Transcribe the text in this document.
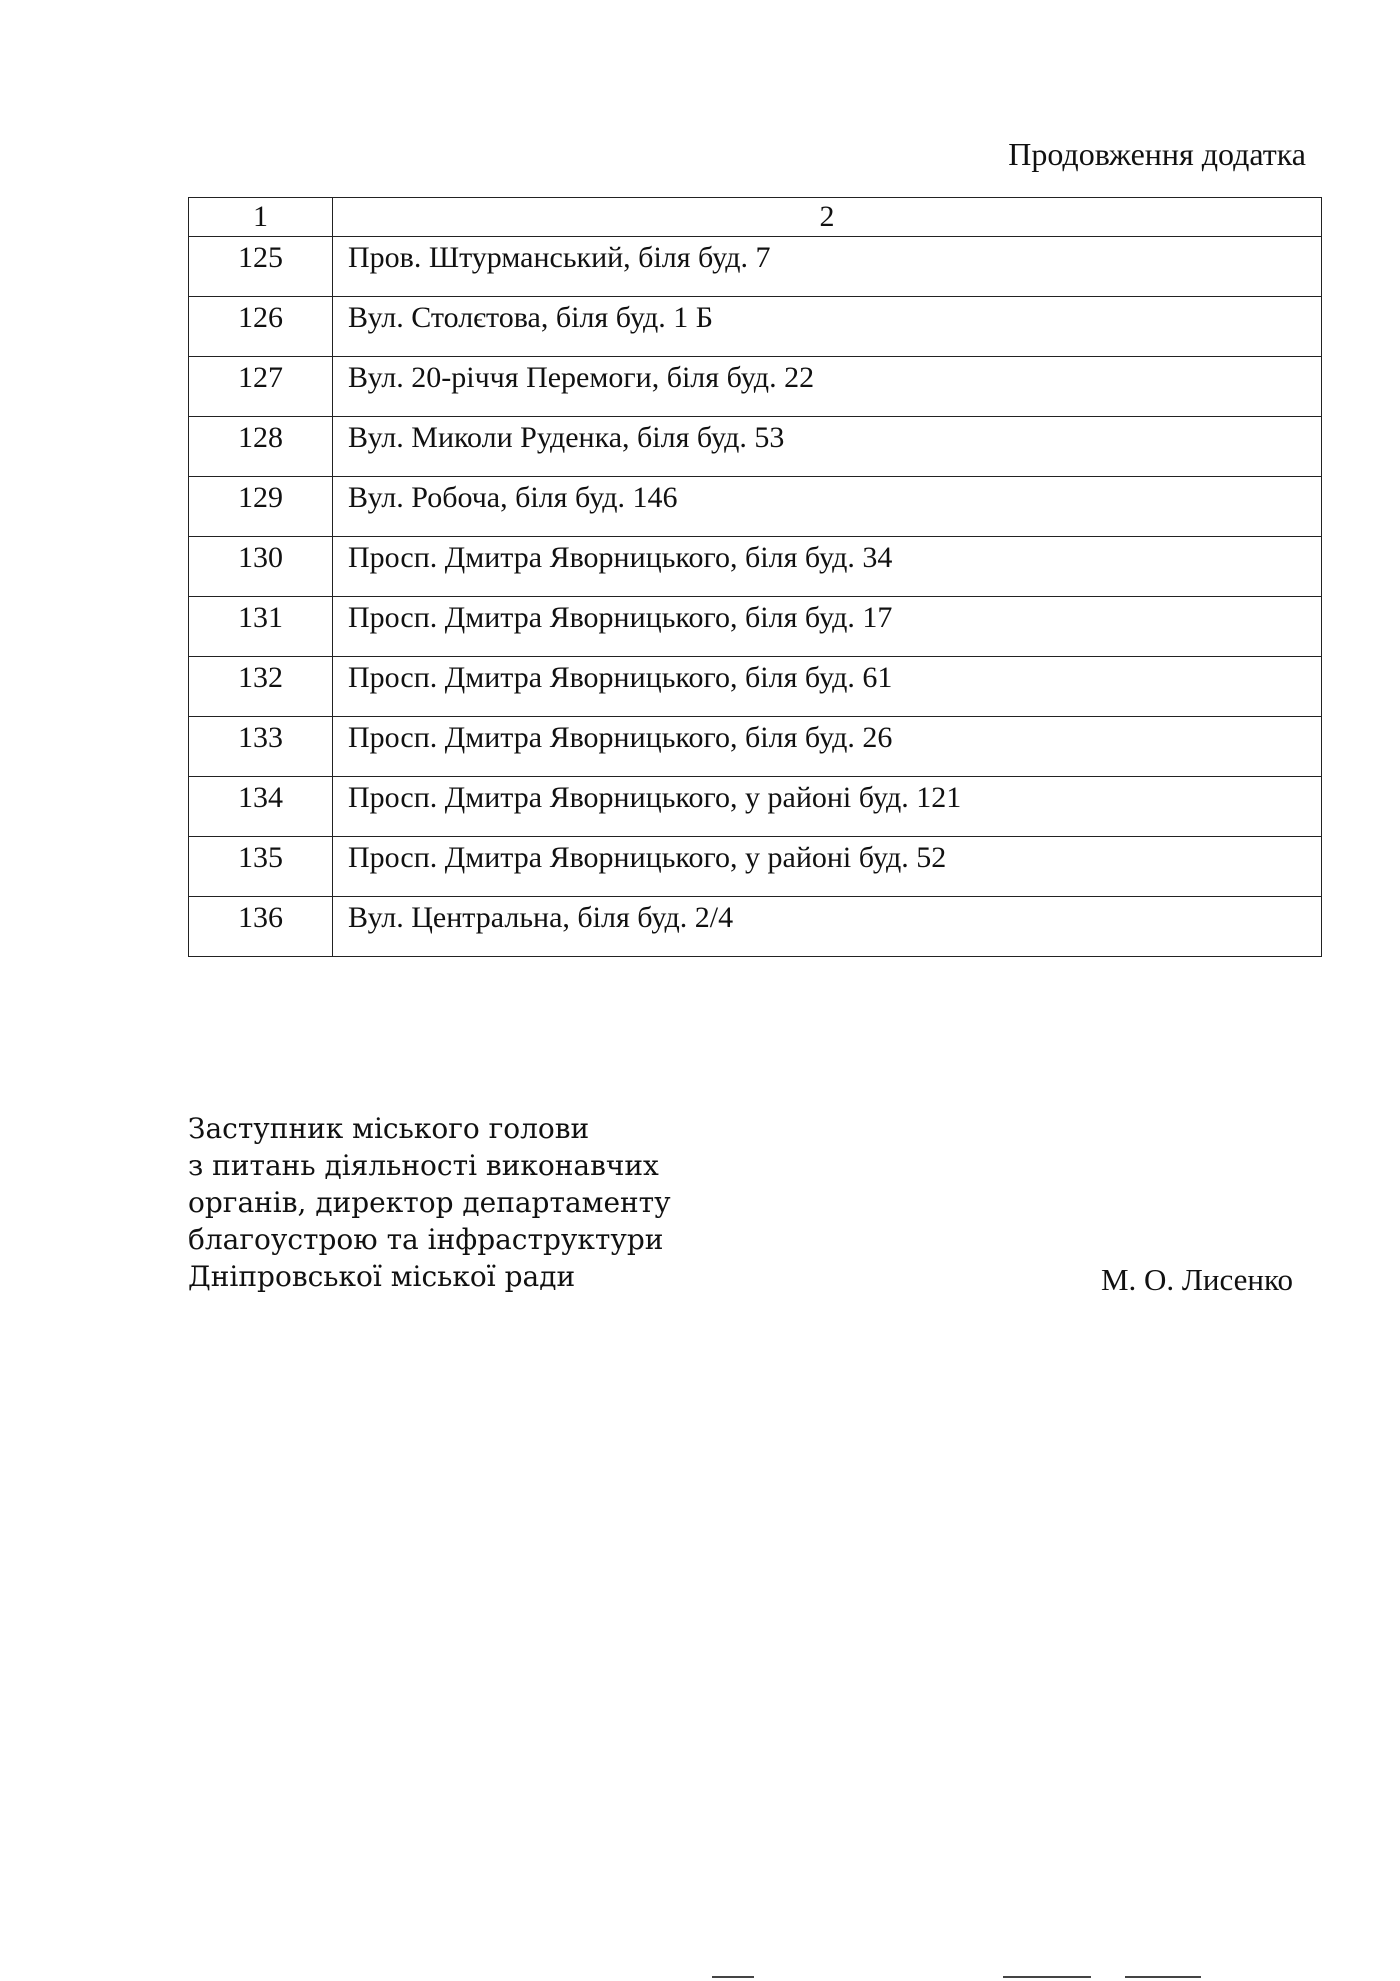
Продовження додатка
1	2
125	Пров. Штурманський, біля буд. 7
126	Вул. Столєтова, біля буд. 1 Б
127	Вул. 20-річчя Перемоги, біля буд. 22
128	Вул. Миколи Руденка, біля буд. 53
129	Вул. Робоча, біля буд. 146
130	Просп. Дмитра Яворницького, біля буд. 34
131	Просп. Дмитра Яворницького, біля буд. 17
132	Просп. Дмитра Яворницького, біля буд. 61
133	Просп. Дмитра Яворницького, біля буд. 26
134	Просп. Дмитра Яворницького, у районі буд. 121
135	Просп. Дмитра Яворницького, у районі буд. 52
136	Вул. Центральна, біля буд. 2/4
Заступник міського голови
з питань діяльності виконавчих
органів, директор департаменту
благоустрою та інфраструктури
Дніпровської міської ради	М. О. Лисенко
